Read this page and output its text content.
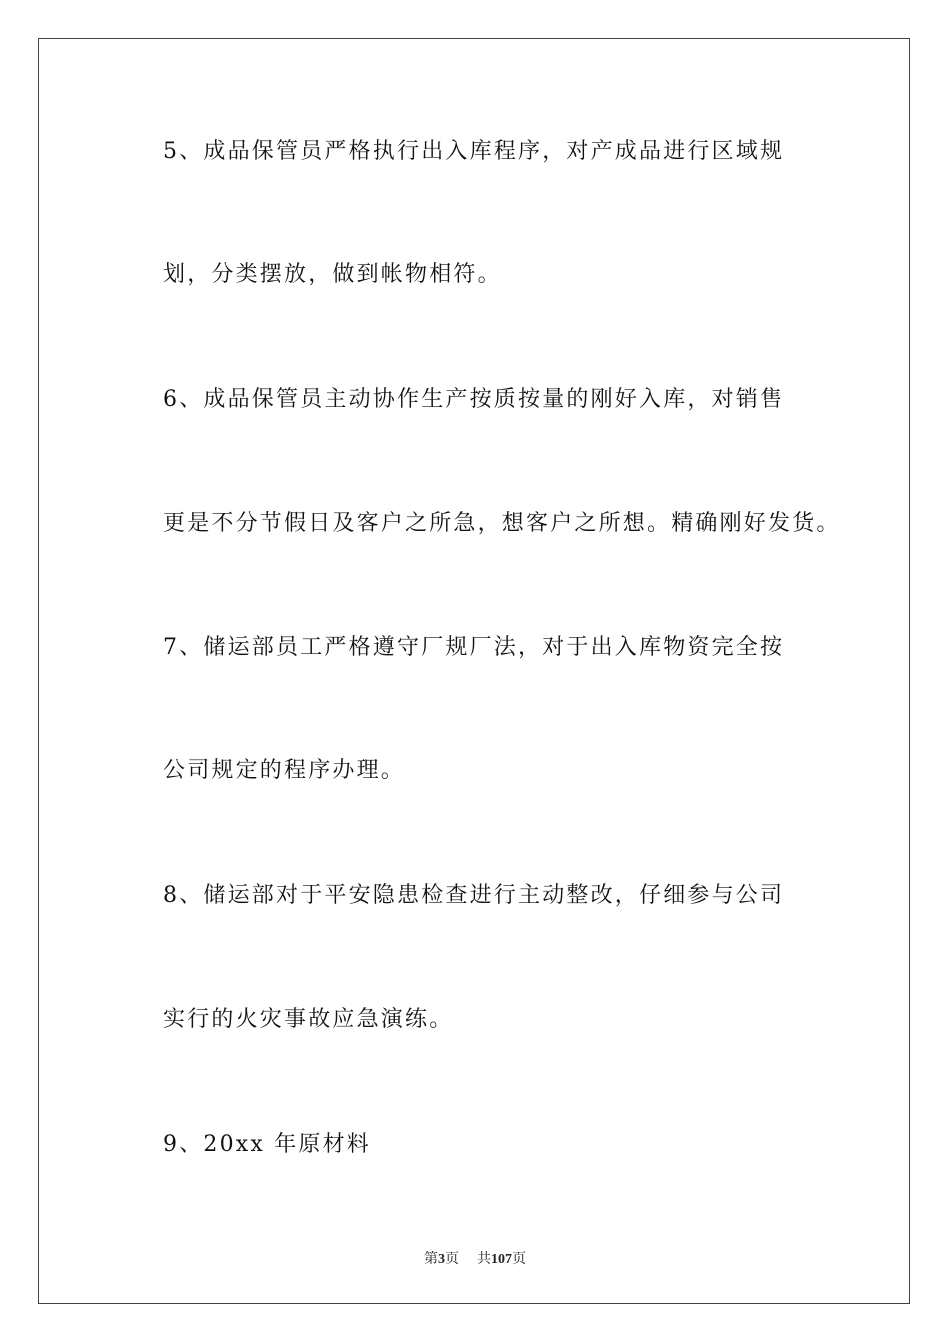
5、成品保管员严格执行出入库程序，对产成品进行区域规
划，分类摆放，做到帐物相符。
6、成品保管员主动协作生产按质按量的刚好入库，对销售
更是不分节假日及客户之所急，想客户之所想。精确刚好发货。
7、储运部员工严格遵守厂规厂法，对于出入库物资完全按
公司规定的程序办理。
8、储运部对于平安隐患检查进行主动整改，仔细参与公司
实行的火灾事故应急演练。
9、20xx 年原材料
第3页 共107页
